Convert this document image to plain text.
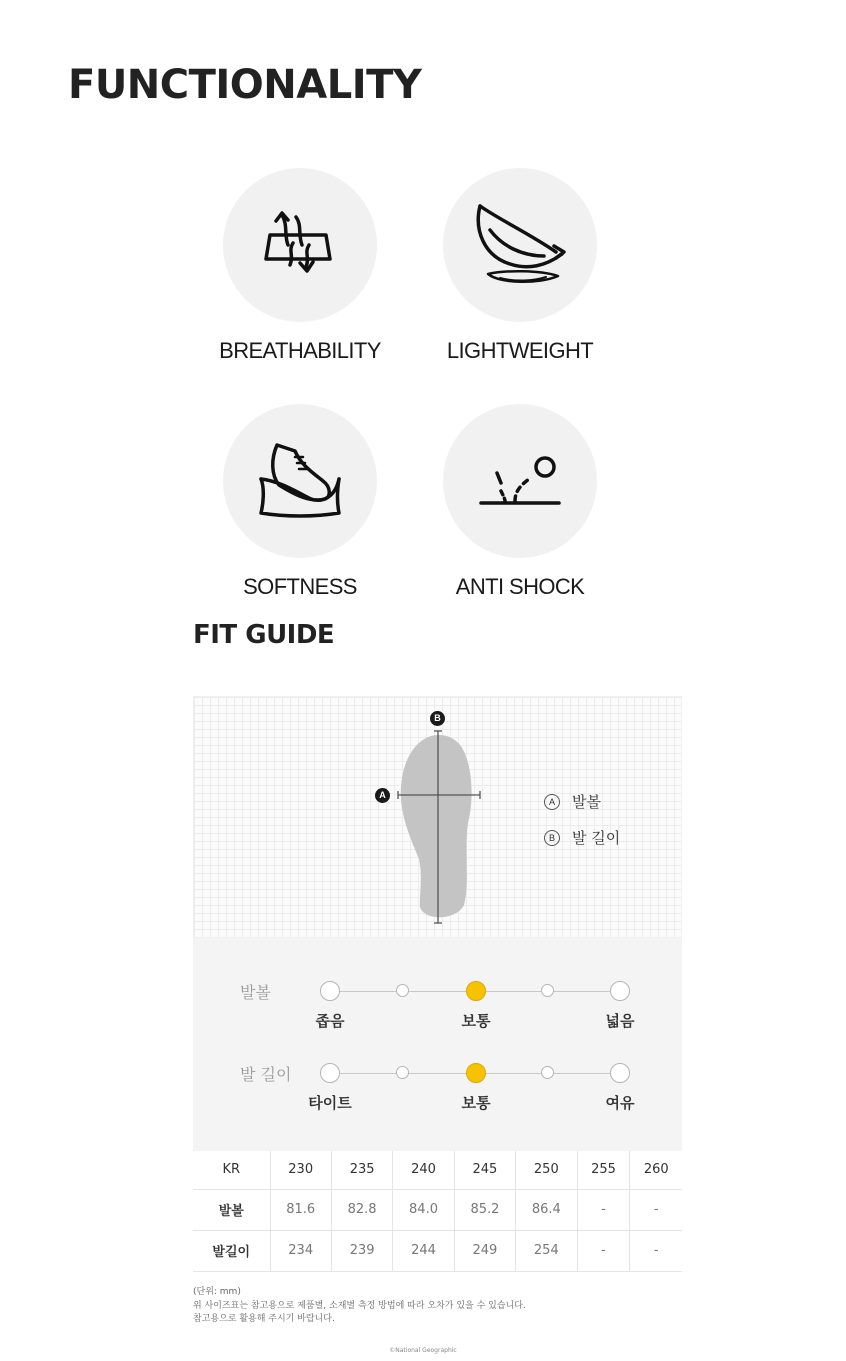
FUNCTIONALITY
BREATHABILITY	LIGHTWEIGHT
SOFTNESS	ANTI SHOCK
FIT GUIDE
B
A
A	발볼
B	발 길이
발볼
좁음	보통	넓음
발 길이
타이트	보통	여유
KR	230	235	240	245	250	255	260
발볼	81.6	82.8	84.0	85.2	86.4	-	-
발길이	234	239	244	249	254	-	-
(단위: mm)
위 사이즈표는 참고용으로 제품별, 소재별 측정 방법에 따라 오차가 있을 수 있습니다.
참고용으로 활용해 주시기 바랍니다.
©National Geographic
